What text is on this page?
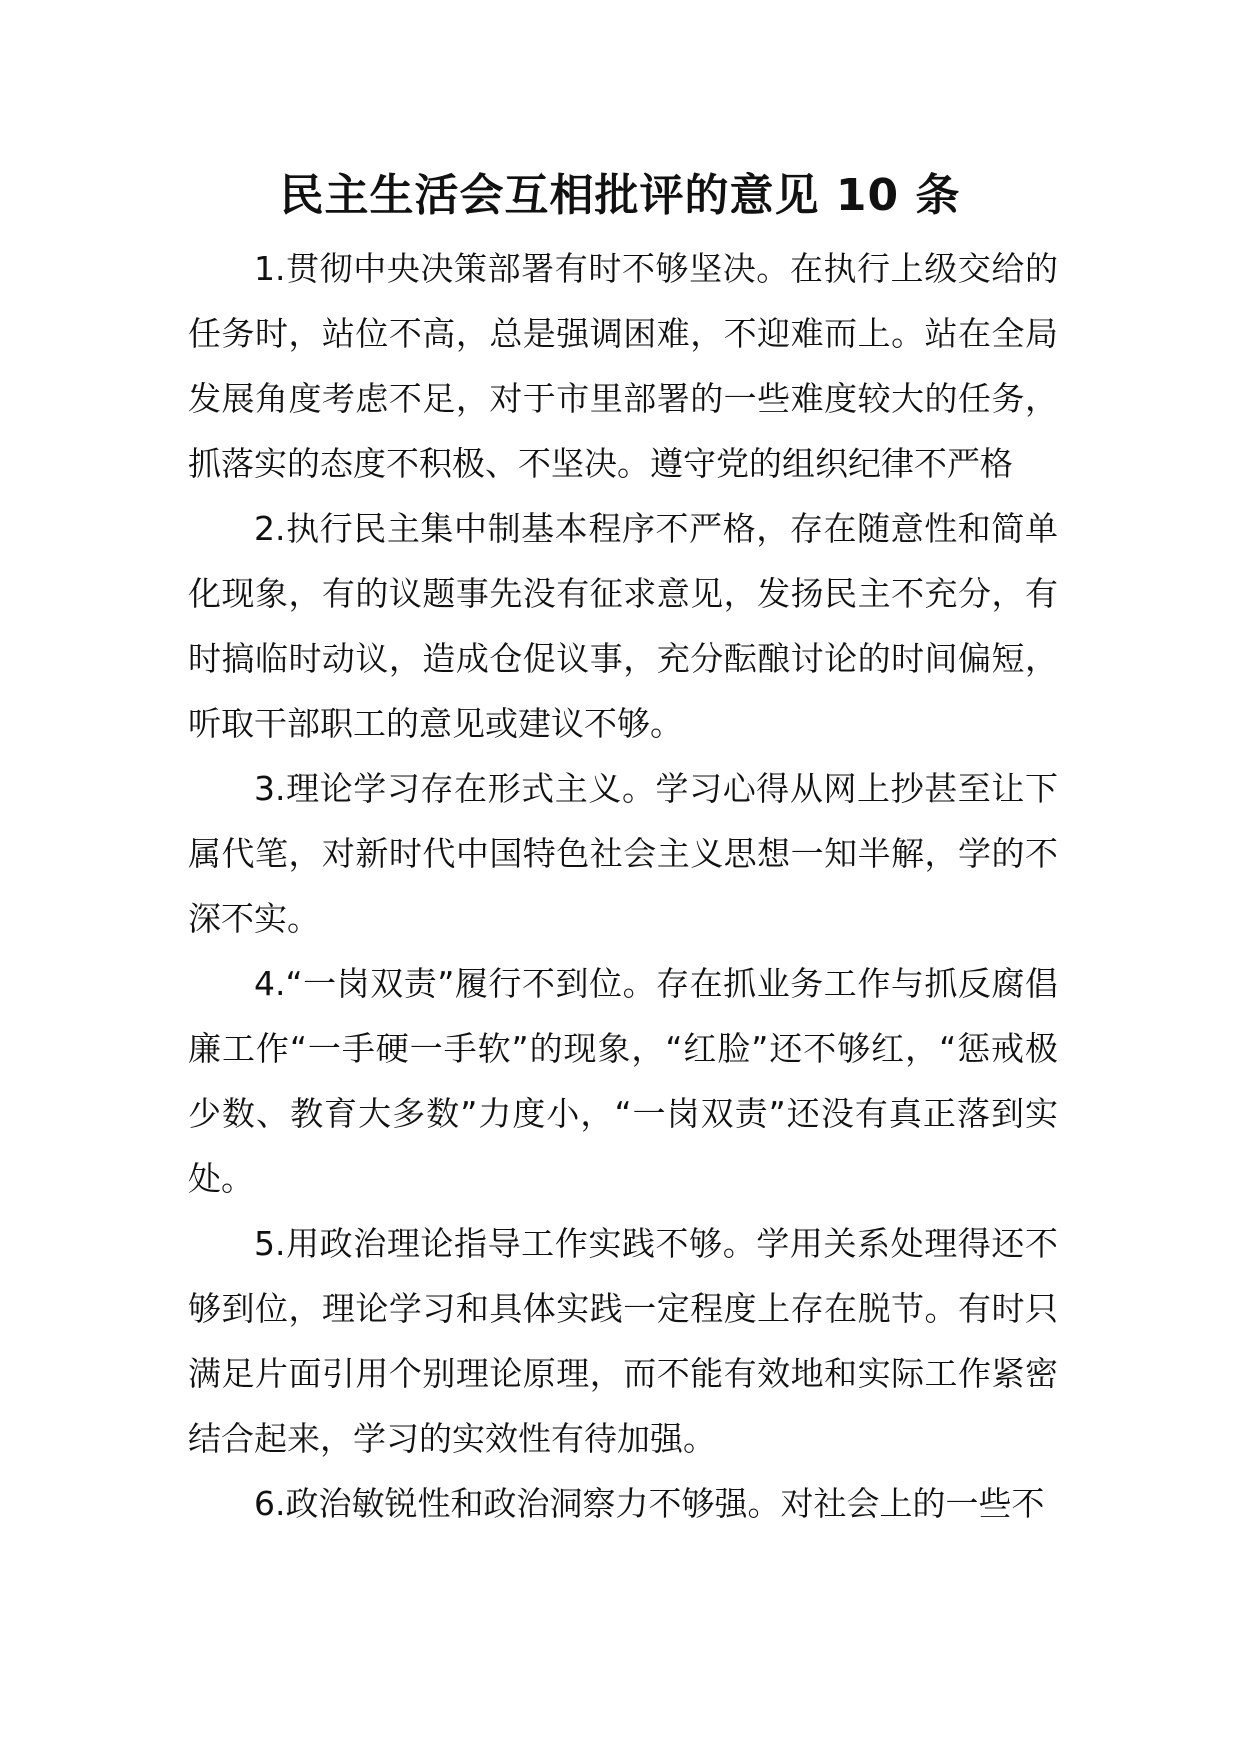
民主生活会互相批评的意见 10 条

1.贯彻中央决策部署有时不够坚决。在执行上级交给的任务时，站位不高，总是强调困难，不迎难而上。站在全局发展角度考虑不足，对于市里部署的一些难度较大的任务，抓落实的态度不积极、不坚决。遵守党的组织纪律不严格

2.执行民主集中制基本程序不严格，存在随意性和简单化现象，有的议题事先没有征求意见，发扬民主不充分，有时搞临时动议，造成仓促议事，充分酝酿讨论的时间偏短，听取干部职工的意见或建议不够。

3.理论学习存在形式主义。学习心得从网上抄甚至让下属代笔，对新时代中国特色社会主义思想一知半解，学的不深不实。

4.“一岗双责”履行不到位。存在抓业务工作与抓反腐倡廉工作“一手硬一手软”的现象，“红脸”还不够红，“惩戒极少数、教育大多数”力度小，“一岗双责”还没有真正落到实处。

5.用政治理论指导工作实践不够。学用关系处理得还不够到位，理论学习和具体实践一定程度上存在脱节。有时只满足片面引用个别理论原理，而不能有效地和实际工作紧密结合起来，学习的实效性有待加强。

6.政治敏锐性和政治洞察力不够强。对社会上的一些不
